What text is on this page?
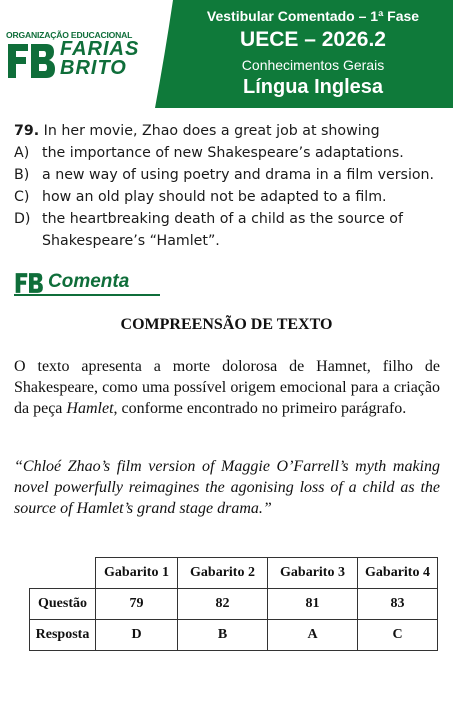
ORGANIZAÇÃO EDUCACIONAL
FARIAS
BRITO
Vestibular Comentado – 1ª Fase
UECE – 2026.2
Conhecimentos Gerais
Língua Inglesa
79. In her movie, Zhao does a great job at showing
A) the importance of new Shakespeare’s adaptations.
B) a new way of using poetry and drama in a film version.
C) how an old play should not be adapted to a film.
D) the heartbreaking death of a child as the source of Shakespeare’s “Hamlet”.
Comenta
COMPREENSÃO DE TEXTO
O texto apresenta a morte dolorosa de Hamnet, filho de Shakespeare, como uma possível origem emocional para a criação da peça Hamlet, conforme encontrado no primeiro parágrafo.
“Chloé Zhao’s film version of Maggie O’Farrell’s myth making novel powerfully reimagines the agonising loss of a child as the source of Hamlet’s grand stage drama.”
	Gabarito 1	Gabarito 2	Gabarito 3	Gabarito 4
Questão	79	82	81	83
Resposta	D	B	A	C
